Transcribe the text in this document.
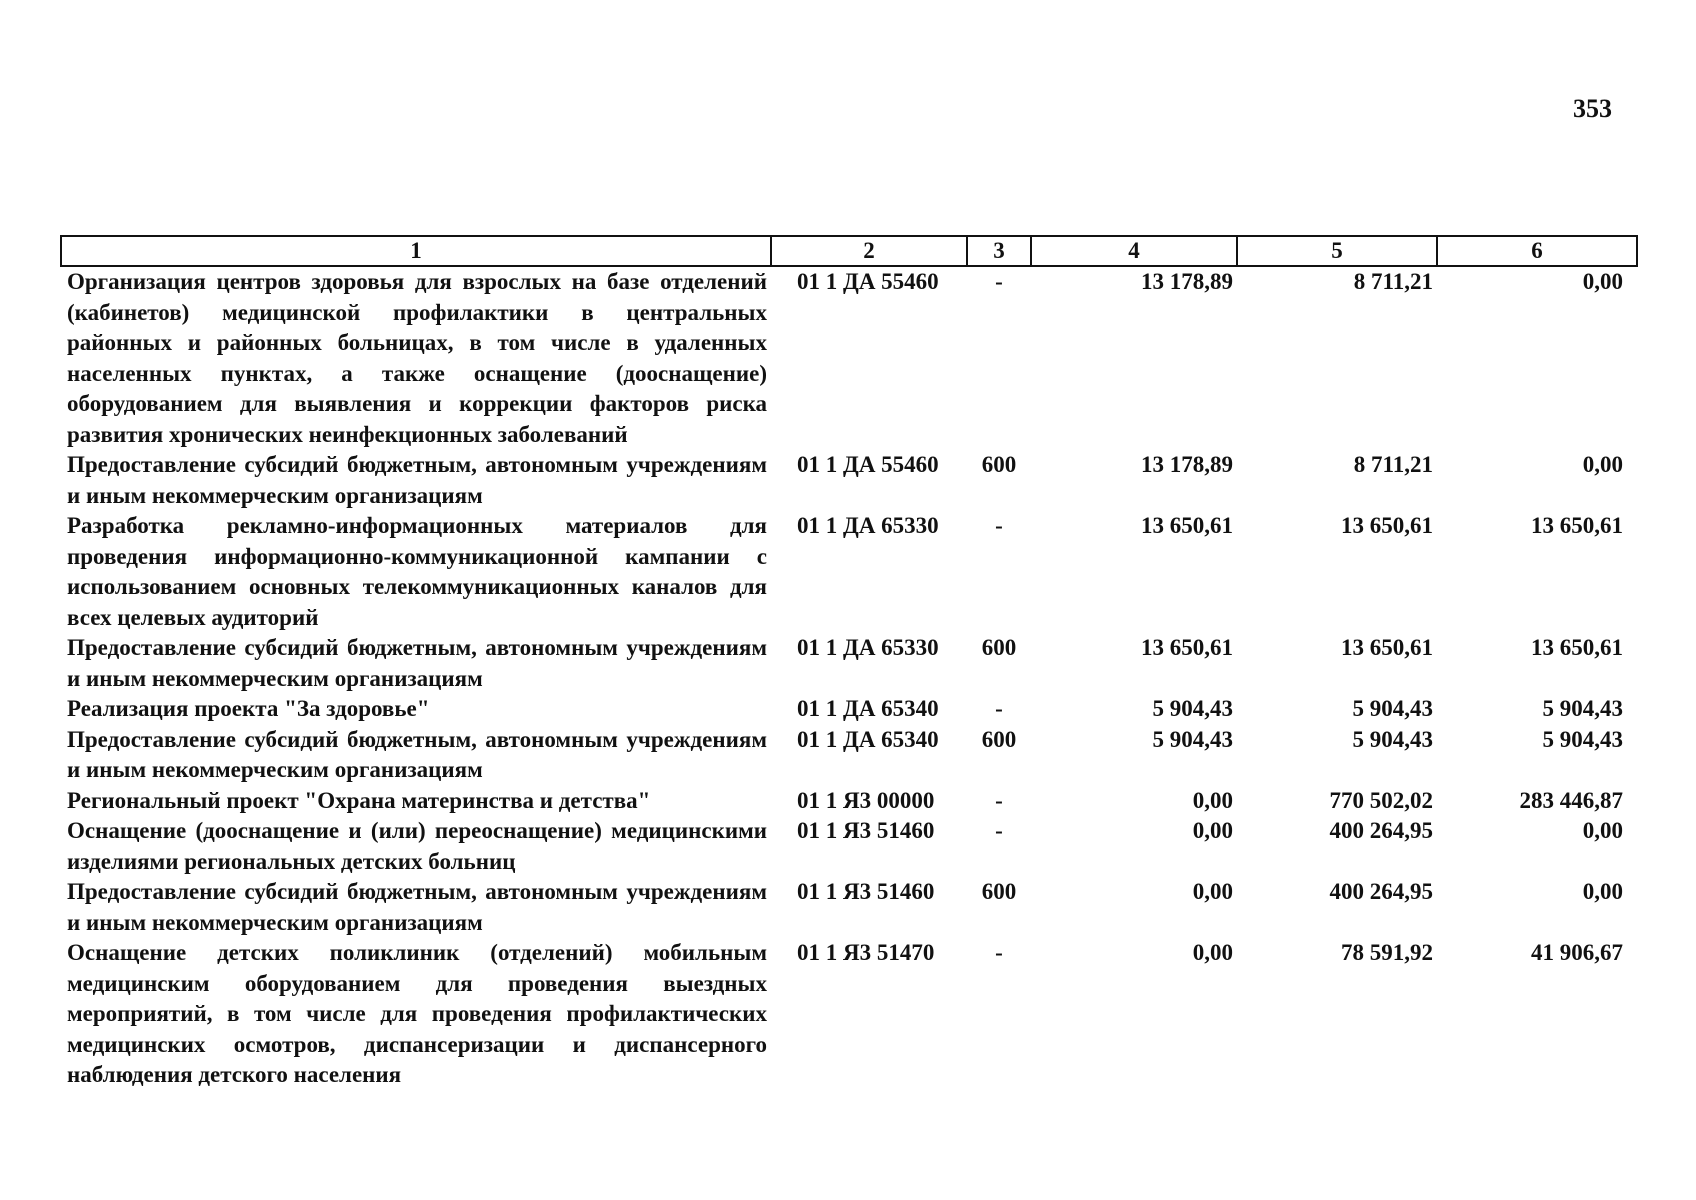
353
1	2	3	4	5	6
Организация центров здоровья для взрослых на базе отделений (кабинетов) медицинской профилактики в центральных районных и районных больницах, в том числе в удаленных населенных пунктах, а также оснащение (дооснащение) оборудованием для выявления и коррекции факторов риска развития хронических неинфекционных заболеваний	01 1 ДА 55460	-	13 178,89	8 711,21	0,00
Предоставление субсидий бюджетным, автономным учреждениям и иным некоммерческим организациям	01 1 ДА 55460	600	13 178,89	8 711,21	0,00
Разработка рекламно-информационных материалов для проведения информационно-коммуникационной кампании с использованием основных телекоммуникационных каналов для всех целевых аудиторий	01 1 ДА 65330	-	13 650,61	13 650,61	13 650,61
Предоставление субсидий бюджетным, автономным учреждениям и иным некоммерческим организациям	01 1 ДА 65330	600	13 650,61	13 650,61	13 650,61
Реализация проекта "За здоровье"	01 1 ДА 65340	-	5 904,43	5 904,43	5 904,43
Предоставление субсидий бюджетным, автономным учреждениям и иным некоммерческим организациям	01 1 ДА 65340	600	5 904,43	5 904,43	5 904,43
Региональный проект "Охрана материнства и детства"	01 1 Я3 00000	-	0,00	770 502,02	283 446,87
Оснащение (дооснащение и (или) переоснащение) медицинскими изделиями региональных детских больниц	01 1 Я3 51460	-	0,00	400 264,95	0,00
Предоставление субсидий бюджетным, автономным учреждениям и иным некоммерческим организациям	01 1 Я3 51460	600	0,00	400 264,95	0,00
Оснащение детских поликлиник (отделений) мобильным медицинским оборудованием для проведения выездных мероприятий, в том числе для проведения профилактических медицинских осмотров, диспансеризации и диспансерного наблюдения детского населения	01 1 Я3 51470	-	0,00	78 591,92	41 906,67
